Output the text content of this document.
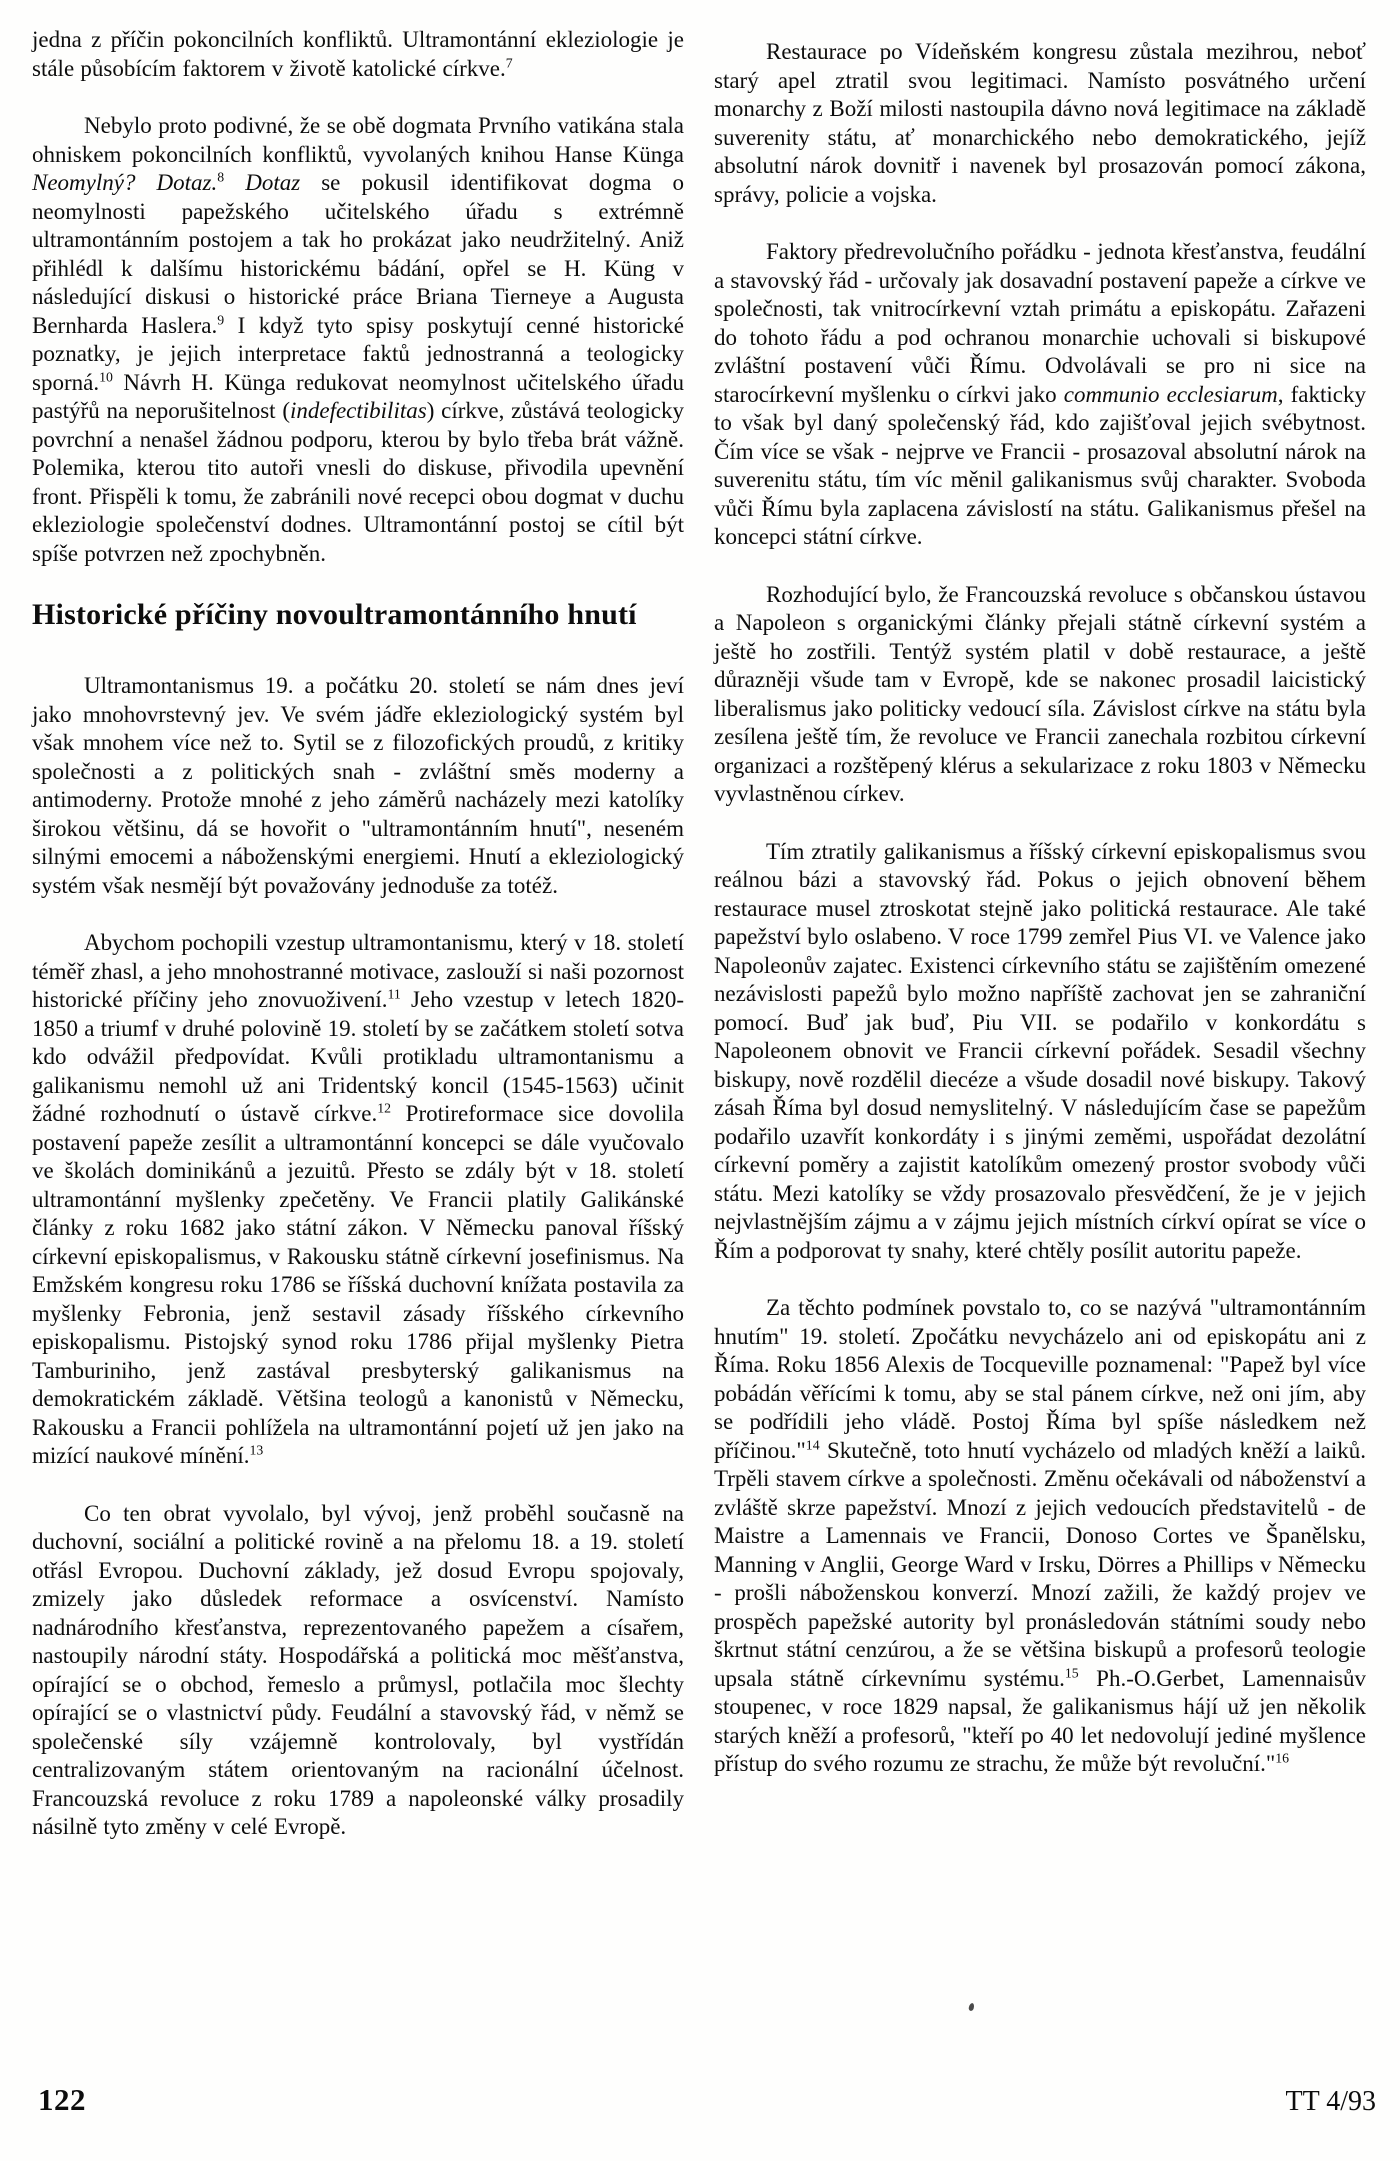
jedna z příčin pokoncilních konfliktů. Ultramontánní ekleziologie je stále působícím faktorem v životě katolické církve.$^7$

Nebylo proto podivné, že se obě dogmata Prvního vatikána stala ohniskem pokoncilních konfliktů, vyvolaných knihou Hanse Künga Neomylný? Dotaz.$^8$ Dotaz se pokusil identifikovat dogma o neomylnosti papežského učitelského úřadu s extrémně ultramontánním postojem a tak ho prokázat jako neudržitelný. Aniž přihlédl k dalšímu historickému bádání, opřel se H. Küng v následující diskusi o historické práce Briana Tierneye a Augusta Bernharda Haslera.$^9$ I když tyto spisy poskytují cenné historické poznatky, je jejich interpretace faktů jednostranná a teologicky sporná.$^{10}$ Návrh H. Künga redukovat neomylnost učitelského úřadu pastýřů na neporušitelnost (indefectibilitas) církve, zůstává teologicky povrchní a nenašel žádnou podporu, kterou by bylo třeba brát vážně. Polemika, kterou tito autoři vnesli do diskuse, přivodila upevnění front. Přispěli k tomu, že zabránili nové recepci obou dogmat v duchu ekleziologie společenství dodnes. Ultramontánní postoj se cítil být spíše potvrzen než zpochybněn.

Historické příčiny novoultramontánního hnutí

Ultramontanismus 19. a počátku 20. století se nám dnes jeví jako mnohovrstevný jev. Ve svém jádře ekleziologický systém byl však mnohem více než to. Sytil se z filozofických proudů, z kritiky společnosti a z politických snah - zvláštní směs moderny a antimoderny. Protože mnohé z jeho záměrů nacházely mezi katolíky širokou většinu, dá se hovořit o "ultramontánním hnutí", neseném silnými emocemi a náboženskými energiemi. Hnutí a ekleziologický systém však nesmějí být považovány jednoduše za totéž.

Abychom pochopili vzestup ultramontanismu, který v 18. století téměř zhasl, a jeho mnohostranné motivace, zaslouží si naši pozornost historické příčiny jeho znovuoživení.$^{11}$ Jeho vzestup v letech 1820-1850 a triumf v druhé polovině 19. století by se začátkem století sotva kdo odvážil předpovídat. Kvůli protikladu ultramontanismu a galikanismu nemohl už ani Tridentský koncil (1545-1563) učinit žádné rozhodnutí o ústavě církve.$^{12}$ Protireformace sice dovolila postavení papeže zesílit a ultramontánní koncepci se dále vyučovalo ve školách dominikánů a jezuitů. Přesto se zdály být v 18. století ultramontánní myšlenky zpečetěny. Ve Francii platily Galikánské články z roku 1682 jako státní zákon. V Německu panoval říšský církevní episkopalismus, v Rakousku státně církevní josefinismus. Na Emžském kongresu roku 1786 se říšská duchovní knížata postavila za myšlenky Febronia, jenž sestavil zásady říšského církevního episkopalismu. Pistojský synod roku 1786 přijal myšlenky Pietra Tamburiniho, jenž zastával presbyterský galikanismus na demokratickém základě. Většina teologů a kanonistů v Německu, Rakousku a Francii pohlížela na ultramontánní pojetí už jen jako na mizící naukové mínění.$^{13}$

Co ten obrat vyvolalo, byl vývoj, jenž proběhl současně na duchovní, sociální a politické rovině a na přelomu 18. a 19. století otřásl Evropou. Duchovní základy, jež dosud Evropu spojovaly, zmizely jako důsledek reformace a osvícenství. Namísto nadnárodního křesťanstva, reprezentovaného papežem a císařem, nastoupily národní státy. Hospodářská a politická moc měšťanstva, opírající se o obchod, řemeslo a průmysl, potlačila moc šlechty opírající se o vlastnictví půdy. Feudální a stavovský řád, v němž se společenské síly vzájemně kontrolovaly, byl vystřídán centralizovaným státem orientovaným na racionální účelnost. Francouzská revoluce z roku 1789 a napoleonské války prosadily násilně tyto změny v celé Evropě.

Restaurace po Vídeňském kongresu zůstala mezihrou, neboť starý apel ztratil svou legitimaci. Namísto posvátného určení monarchy z Boží milosti nastoupila dávno nová legitimace na základě suverenity státu, ať monarchického nebo demokratického, jejíž absolutní nárok dovnitř i navenek byl prosazován pomocí zákona, správy, policie a vojska.

Faktory předrevolučního pořádku - jednota křesťanstva, feudální a stavovský řád - určovaly jak dosavadní postavení papeže a církve ve společnosti, tak vnitrocírkevní vztah primátu a episkopátu. Zařazeni do tohoto řádu a pod ochranou monarchie uchovali si biskupové zvláštní postavení vůči Římu. Odvolávali se pro ni sice na starocírkevní myšlenku o církvi jako communio ecclesiarum, fakticky to však byl daný společenský řád, kdo zajišťoval jejich svébytnost. Čím více se však - nejprve ve Francii - prosazoval absolutní nárok na suverenitu státu, tím víc měnil galikanismus svůj charakter. Svoboda vůči Římu byla zaplacena závislostí na státu. Galikanismus přešel na koncepci státní církve.

Rozhodující bylo, že Francouzská revoluce s občanskou ústavou a Napoleon s organickými články přejali státně církevní systém a ještě ho zostřili. Tentýž systém platil v době restaurace, a ještě důrazněji všude tam v Evropě, kde se nakonec prosadil laicistický liberalismus jako politicky vedoucí síla. Závislost církve na státu byla zesílena ještě tím, že revoluce ve Francii zanechala rozbitou církevní organizaci a rozštěpený klérus a sekularizace z roku 1803 v Německu vyvlastněnou církev.

Tím ztratily galikanismus a říšský církevní episkopalismus svou reálnou bázi a stavovský řád. Pokus o jejich obnovení během restaurace musel ztroskotat stejně jako politická restaurace. Ale také papežství bylo oslabeno. V roce 1799 zemřel Pius VI. ve Valence jako Napoleonův zajatec. Existenci církevního státu se zajištěním omezené nezávislosti papežů bylo možno napříště zachovat jen se zahraniční pomocí. Buď jak buď, Piu VII. se podařilo v konkordátu s Napoleonem obnovit ve Francii církevní pořádek. Sesadil všechny biskupy, nově rozdělil diecéze a všude dosadil nové biskupy. Takový zásah Říma byl dosud nemyslitelný. V následujícím čase se papežům podařilo uzavřít konkordáty i s jinými zeměmi, uspořádat dezolátní církevní poměry a zajistit katolíkům omezený prostor svobody vůči státu. Mezi katolíky se vždy prosazovalo přesvědčení, že je v jejich nejvlastnějším zájmu a v zájmu jejich místních církví opírat se více o Řím a podporovat ty snahy, které chtěly posílit autoritu papeže.

Za těchto podmínek povstalo to, co se nazývá "ultramontánním hnutím" 19. století. Zpočátku nevycházelo ani od episkopátu ani z Říma. Roku 1856 Alexis de Tocqueville poznamenal: "Papež byl více pobádán věřícími k tomu, aby se stal pánem církve, než oni jím, aby se podřídili jeho vládě. Postoj Říma byl spíše následkem než příčinou."$^{14}$ Skutečně, toto hnutí vycházelo od mladých kněží a laiků. Trpěli stavem církve a společnosti. Změnu očekávali od náboženství a zvláště skrze papežství. Mnozí z jejich vedoucích představitelů - de Maistre a Lamennais ve Francii, Donoso Cortes ve Španělsku, Manning v Anglii, George Ward v Irsku, Dörres a Phillips v Německu - prošli náboženskou konverzí. Mnozí zažili, že každý projev ve prospěch papežské autority byl pronásledován státními soudy nebo škrtnut státní cenzúrou, a že se většina biskupů a profesorů teologie upsala státně církevnímu systému.$^{15}$ Ph.-O.Gerbet, Lamennaisův stoupenec, v roce 1829 napsal, že galikanismus hájí už jen několik starých kněží a profesorů, "kteří po 40 let nedovolují jediné myšlence přístup do svého rozumu ze strachu, že může být revoluční."$^{16}$

122	TT 4/93
